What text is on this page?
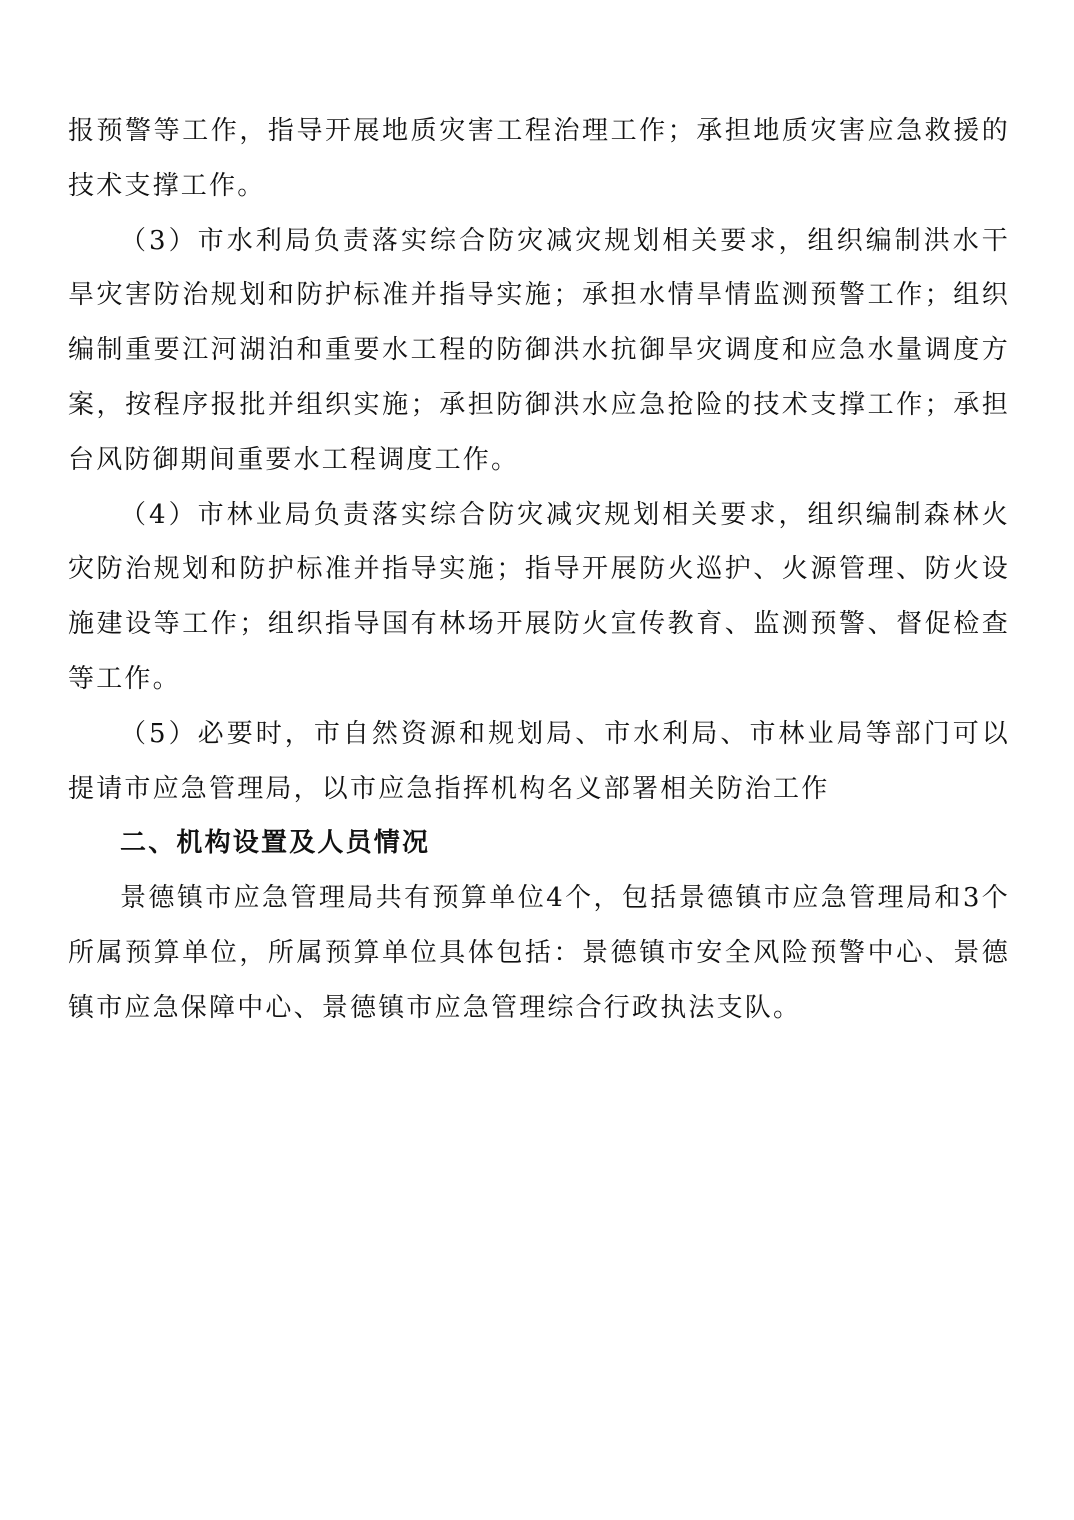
报预警等工作，指导开展地质灾害工程治理工作；承担地质灾害应急救援的技术支撑工作。

（3）市水利局负责落实综合防灾减灾规划相关要求，组织编制洪水干旱灾害防治规划和防护标准并指导实施；承担水情旱情监测预警工作；组织编制重要江河湖泊和重要水工程的防御洪水抗御旱灾调度和应急水量调度方案，按程序报批并组织实施；承担防御洪水应急抢险的技术支撑工作；承担台风防御期间重要水工程调度工作。

（4）市林业局负责落实综合防灾减灾规划相关要求，组织编制森林火灾防治规划和防护标准并指导实施；指导开展防火巡护、火源管理、防火设施建设等工作；组织指导国有林场开展防火宣传教育、监测预警、督促检查等工作。

（5）必要时，市自然资源和规划局、市水利局、市林业局等部门可以提请市应急管理局，以市应急指挥机构名义部署相关防治工作

二、机构设置及人员情况

景德镇市应急管理局共有预算单位4个，包括景德镇市应急管理局和3个所属预算单位，所属预算单位具体包括：景德镇市安全风险预警中心、景德镇市应急保障中心、景德镇市应急管理综合行政执法支队。
